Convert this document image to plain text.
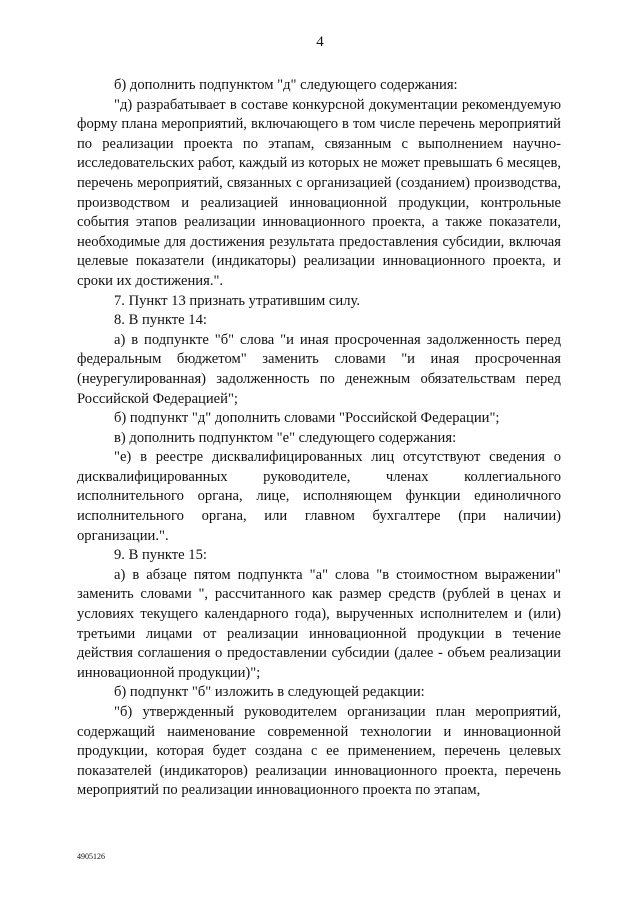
4

б) дополнить подпунктом "д" следующего содержания:

"д) разрабатывает в составе конкурсной документации рекомендуемую форму плана мероприятий, включающего в том числе перечень мероприятий по реализации проекта по этапам, связанным с выполнением научно-исследовательских работ, каждый из которых не может превышать 6 месяцев, перечень мероприятий, связанных с организацией (созданием) производства, производством и реализацией инновационной продукции, контрольные события этапов реализации инновационного проекта, а также показатели, необходимые для достижения результата предоставления субсидии, включая целевые показатели (индикаторы) реализации инновационного проекта, и сроки их достижения.".

7. Пункт 13 признать утратившим силу.

8. В пункте 14:

а) в подпункте "б" слова "и иная просроченная задолженность перед федеральным бюджетом" заменить словами "и иная просроченная (неурегулированная) задолженность по денежным обязательствам перед Российской Федерацией";

б) подпункт "д" дополнить словами "Российской Федерации";

в) дополнить подпунктом "е" следующего содержания:

"е) в реестре дисквалифицированных лиц отсутствуют сведения о дисквалифицированных руководителе, членах коллегиального исполнительного органа, лице, исполняющем функции единоличного исполнительного органа, или главном бухгалтере (при наличии) организации.".

9. В пункте 15:

а) в абзаце пятом подпункта "а" слова "в стоимостном выражении" заменить словами ", рассчитанного как размер средств (рублей в ценах и условиях текущего календарного года), вырученных исполнителем и (или) третьими лицами от реализации инновационной продукции в течение действия соглашения о предоставлении субсидии (далее - объем реализации инновационной продукции)";

б) подпункт "б" изложить в следующей редакции:

"б) утвержденный руководителем организации план мероприятий, содержащий наименование современной технологии и инновационной продукции, которая будет создана с ее применением, перечень целевых показателей (индикаторов) реализации инновационного проекта, перечень мероприятий по реализации инновационного проекта по этапам,

4905126
